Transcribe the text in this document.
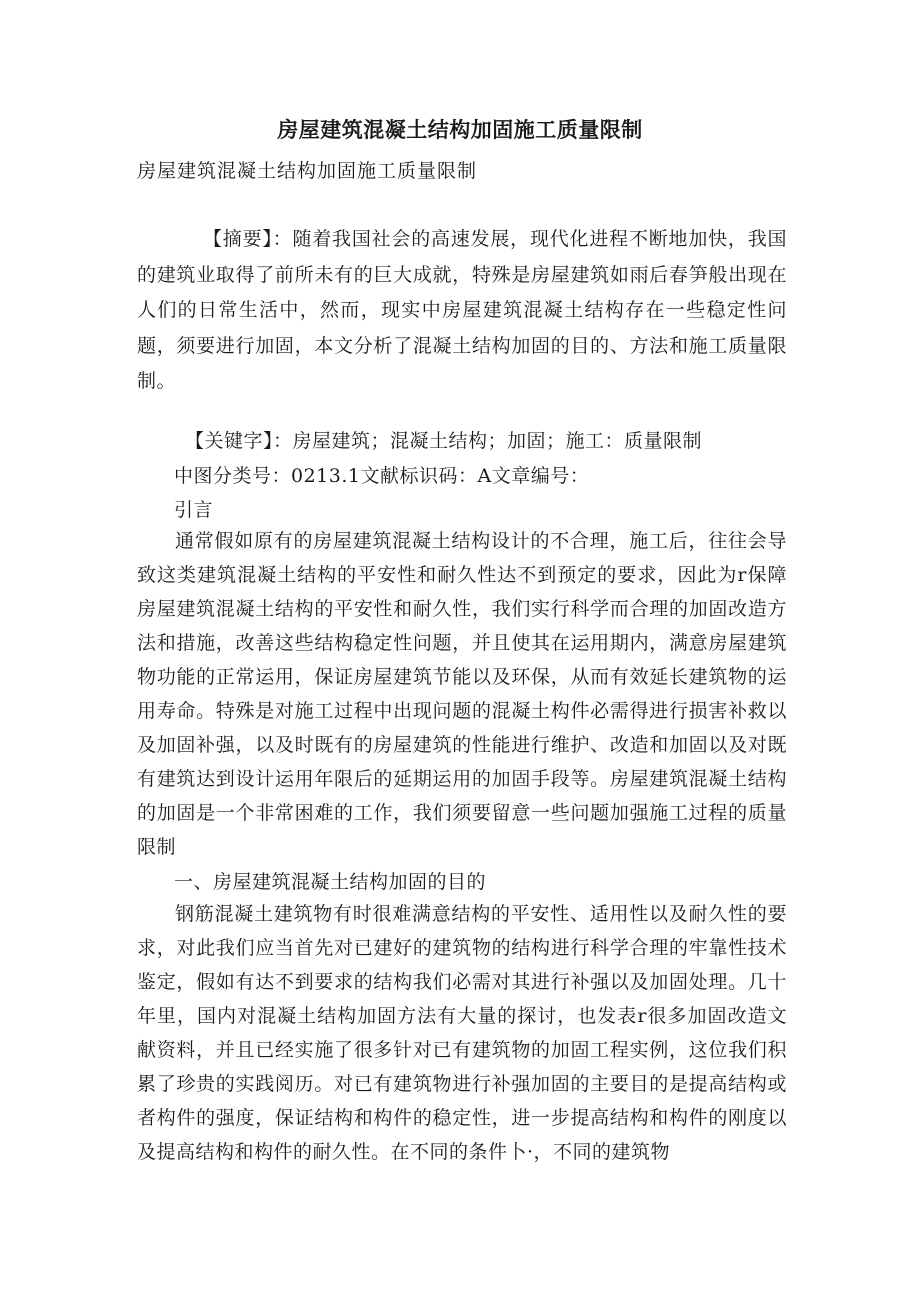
房屋建筑混凝土结构加固施工质量限制
房屋建筑混凝土结构加固施工质量限制
【摘要】：随着我国社会的高速发展，现代化进程不断地加快，我国的建筑业取得了前所未有的巨大成就，特殊是房屋建筑如雨后春笋般出现在人们的日常生活中，然而，现实中房屋建筑混凝土结构存在一些稳定性问题，须要进行加固，本文分析了混凝土结构加固的目的、方法和施工质量限制。
【关键字】：房屋建筑；混凝土结构；加固；施工：质量限制
中图分类号：0213.1文献标识码：A文章编号：
引言
通常假如原有的房屋建筑混凝土结构设计的不合理，施工后，往往会导致这类建筑混凝土结构的平安性和耐久性达不到预定的要求，因此为r保障房屋建筑混凝土结构的平安性和耐久性，我们实行科学而合理的加固改造方法和措施，改善这些结构稳定性问题，并且使其在运用期内，满意房屋建筑物功能的正常运用，保证房屋建筑节能以及环保，从而有效延长建筑物的运用寿命。特殊是对施工过程中出现问题的混凝土构件必需得进行损害补救以及加固补强，以及时既有的房屋建筑的性能进行维护、改造和加固以及对既有建筑达到设计运用年限后的延期运用的加固手段等。房屋建筑混凝土结构的加固是一个非常困难的工作，我们须要留意一些问题加强施工过程的质量限制
一、房屋建筑混凝土结构加固的目的
钢筋混凝土建筑物有时很难满意结构的平安性、适用性以及耐久性的要求，对此我们应当首先对已建好的建筑物的结构进行科学合理的牢靠性技术鉴定，假如有达不到要求的结构我们必需对其进行补强以及加固处理。几十年里，国内对混凝土结构加固方法有大量的探讨，也发表r很多加固改造文献资料，并且已经实施了很多针对已有建筑物的加固工程实例，这位我们积累了珍贵的实践阅历。对已有建筑物进行补强加固的主要目的是提高结构或者构件的强度，保证结构和构件的稳定性，进一步提高结构和构件的刚度以及提高结构和构件的耐久性。在不同的条件卜·，不同的建筑物
